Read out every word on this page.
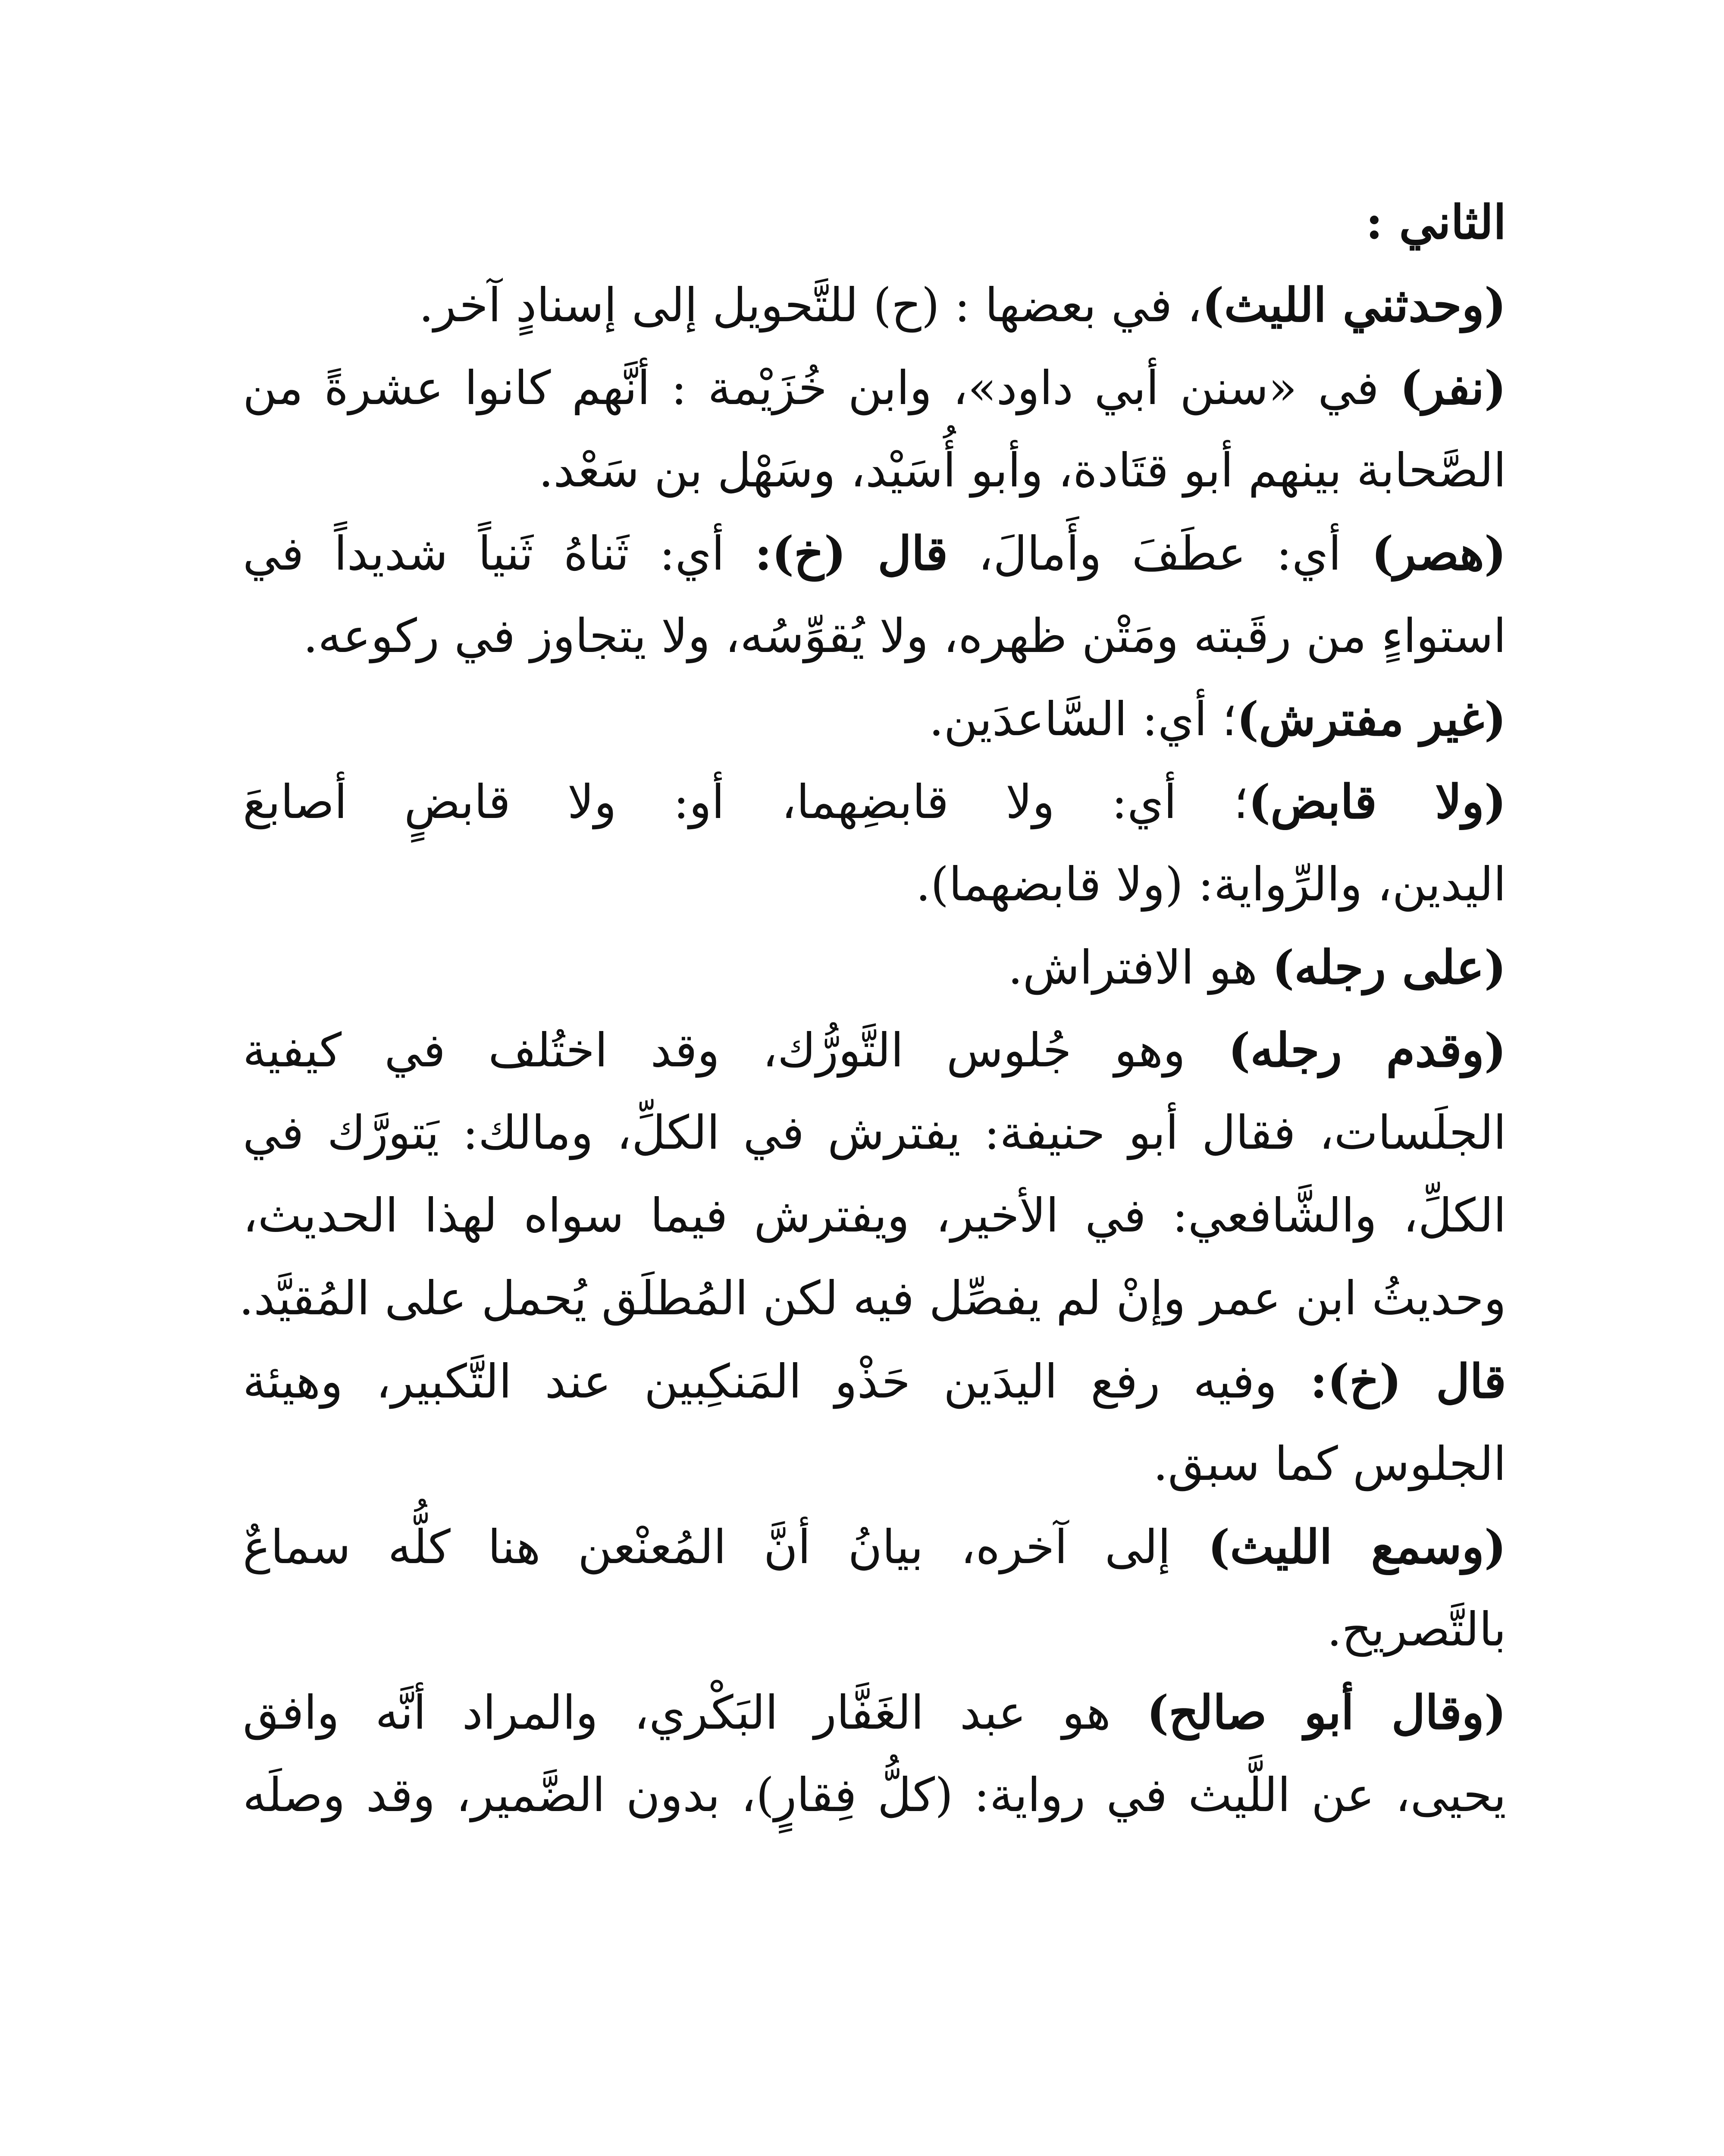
الثاني :
(وحدثني الليث)، في بعضها : (ح) للتَّحويل إلى إسنادٍ آخر.
(نفر) في «سنن أبي داود»، وابن خُزَيْمة : أنَّهم كانوا عشرةً من
الصَّحابة بينهم أبو قتَادة، وأبو أُسَيْد، وسَهْل بن سَعْد.
(هصر) أي: عطَفَ وأَمالَ، قال (خ): أي: ثَناهُ ثَنياً شديداً في
استواءٍ من رقَبته ومَتْن ظهره، ولا يُقوِّسُه، ولا يتجاوز في ركوعه.
(غير مفترش)؛ أي: السَّاعدَين.
(ولا قابض)؛ أي: ولا قابضِهما، أو: ولا قابضٍ أصابعَ
اليدين، والرِّواية: (ولا قابضهما).
(على رجله) هو الافتراش.
(وقدم رجله) وهو جُلوس التَّورُّك، وقد اختُلف في كيفية
الجلَسات، فقال أبو حنيفة: يفترش في الكلِّ، ومالك: يَتورَّك في
الكلِّ، والشَّافعي: في الأخير، ويفترش فيما سواه لهذا الحديث،
وحديثُ ابن عمر وإنْ لم يفصِّل فيه لكن المُطلَق يُحمل على المُقيَّد.
قال (خ): وفيه رفع اليدَين حَذْو المَنكِبين عند التَّكبير، وهيئة
الجلوس كما سبق.
(وسمع الليث) إلى آخره، بيانُ أنَّ المُعنْعن هنا كلُّه سماعٌ
بالتَّصريح.
(وقال أبو صالح) هو عبد الغَفَّار البَكْري، والمراد أنَّه وافق
يحيى، عن اللَّيث في رواية: (كلُّ فِقارٍ)، بدون الضَّمير، وقد وصلَه
